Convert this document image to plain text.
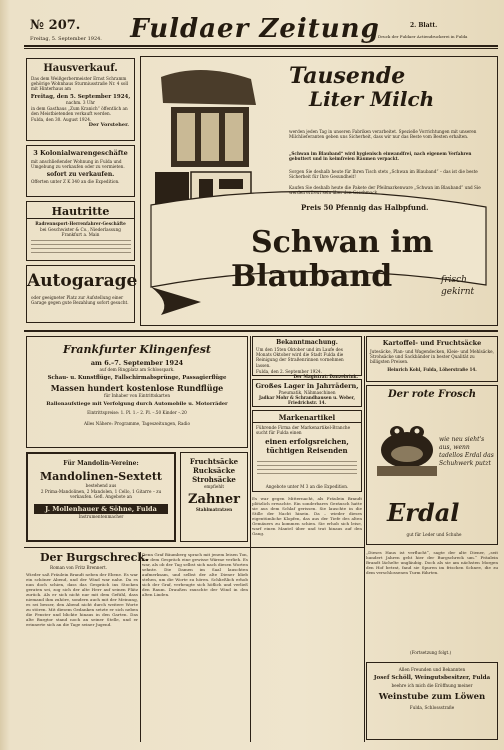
№ 207.
Freitag, 5. September 1924. Fuldaer Zeitung	2. Blatt.
Druck der Fuldaer Actiendruckerei in Fulda
Hausverkauf.
Das dem Weißgerbermeister Ernst Schramm gehörige Wohnhaus Sturmiusstraße Nr. 4 soll mit Hinterhaus am
Freitag, den 5. September 1924,
nachm. 3 Uhr
in dem Gasthaus „Zum Kranich“ öffentlich an den Meistbietenden verkauft werden.
Fulda, den 30. August 1924.
Der Vorsteher.
3 Kolonialwarengeschäfte
mit anschließender Wohnung in Fulda und Umgebung zu verkaufen oder zu vermieten.
sofort zu verkaufen.
Offerten unter Z K 340 an die Expedition.
Hautritte
Radrennsport-Herrenfahrer-Geschäfte
bei Geschwister & Co., Niederlassung Frankfurt a. Main
Autogarage
oder geeigneter Platz zur Aufstellung einer Garage gegen gute Bezahlung sofort gesucht.
Tausende
Liter Milch
werden jeden Tag in unseren Fabriken verarbeitet. Spezielle Vorrichtungen mit unseren Milchlieferanten geben uns Sicherheit, dass wir nur das Beste vom Besten erhalten.
„Schwan im Blauband“ wird hygienisch einwandfrei, nach eigenem Verfahren gebuttert und in keimfreien Räumen verpackt.
Sorgen Sie deshalb heute für Ihren Tisch stets „Schwan im Blauband“ – das ist die beste Sicherheit für Ihre Gesundheit!
Kaufen Sie deshalb heute die Pakete der Pfeilmarkenware „Schwan im Blauband“ und Sie werden erfreut sein über den Geschmack.
Preis 50 Pfennig das Halbpfund.
Schwan im
Blauband	frisch
gekirnt
Frankfurter Klingenfest
am 6.–7. September 1924
auf dem Ringplatz am Schlosspark.
Schau- u. Kunstflüge, Fallschirmabsprünge, Passagierflüge
Massen hundert kostenlose Rundflüge
für Inhaber von Eintrittskarten
Ballonaufstiege mit Verfolgung durch Automobile u. Motorräder
Eintrittspreise: 1. Pl. 1.– 2. Pl. –.50 Kinder –.20
Alles Nähere: Programme, Tageszeitungen, Radio
Bekanntmachung.
Um den 15ten Oktober und im Laufe des Monats Oktober wird die Stadt Fulda die Reinigung der Straßenrinnen vornehmen lassen.
Fulda, den 2. September 1924.
Der Magistrat: Danzebrink.
Großes Lager in Jahrrädern,
Pneumatik, Nähmaschinen
Jadkar Mohr & Schrandhausen u. Weber, Friedrichstr. 14.
Markenartikel
Führende Firma der Markenartikel-Branche sucht für Fulda einen
einen erfolgsreichen,
tüchtigen Reisenden
Angebote unter M 3 an die Expedition.
Kartoffel- und Fruchtsäcke
Jutesäcke, Plan- und Wagendecken, Kleie- und Mehlsäcke, Strohsäcke und Sackbänder in bester Qualität zu billigsten Preisen.
Heinrich Kohl, Fulda, Löherstraße 14.
Der rote Frosch
wie neu sieht's aus, wenn tadellos Erdal das Schuhwerk putzt
Erdal
gut für Leder und Schuhe
Für Mandolin-Vereine:
Mandolinen-Sextett
bestehend aus
2 Prima-Mandolinen, 2 Mandolen, 1 Cello, 1 Gitarre – zu verkaufen. Gefl. Angebote an
J. Mollenhauer & Söhne, Fulda
Instrumentenmacher
Fruchtsäcke
Rucksäcke
Strohsäcke
empfiehlt
Zahner
Stahlmatratzen
Der Burgschreck.
Roman von Fritz Brennert.
Wieder saß Fräulein Brandt neben der Ebene. Es war ein schöner Abend, und der Wind war nahe. Da es nun doch schien, dass das Gespräch ins Stocken geraten sei, zog sich der alte Herr auf seinen Plätz zurück. Als er sich nicht nur mit dem Gefühl, dass niemand ihm zuhöre, sondern auch mit der Meinung, es sei besser, den Abend nicht durch weitere Worte zu stören. Mit diesem Gedanken setzte er sich neben die Fenster und blickte hinaus in den Garten. Das alte Burgtor stand noch an seiner Stelle, und er erinnerte sich an die Tage seiner Jugend.
Denn Graf Bäumberg sprach mit jenem leisen Ton, der dem Gespräch eine gewisse Wärme verlieh. Es war, als ob der Tag selbst sich nach diesen Worten sehnte. Die Damen im Saal lauschten aufmerksam, und selbst der alte Diener blieb stehen, um die Worte zu hören. Schließlich erhob sich der Graf, verbeugte sich höflich und verließ den Raum. Draußen rauschte der Wind in den alten Linden.
Es war gegen Mitternacht, als Fräulein Brandt plötzlich erwachte. Ein sonderbares Geräusch hatte sie aus dem Schlaf gerissen. Sie lauschte in die Stille der Nacht hinein. Da – wieder dieses eigentümliche Klopfen, das aus der Tiefe des alten Gemäuers zu kommen schien. Sie erhob sich leise, warf einen Mantel über und trat hinaus auf den Gang.
„Dieses Haus ist verflucht“, sagte der alte Diener, „seit hundert Jahren geht hier der Burgschreck um.“ Fräulein Brandt lächelte ungläubig. Doch als sie am nächsten Morgen den Hof betrat, fand sie Spuren im frischen Schnee, die zu dem verschlossenen Turm führten.
(Fortsetzung folgt.)
Allen Freunden und Bekannten
Josef Schöll, Weingutsbesitzer, Fulda
beehre ich mich die Eröffnung meiner
Weinstube zum Löwen
Fulda, Schlossstraße
